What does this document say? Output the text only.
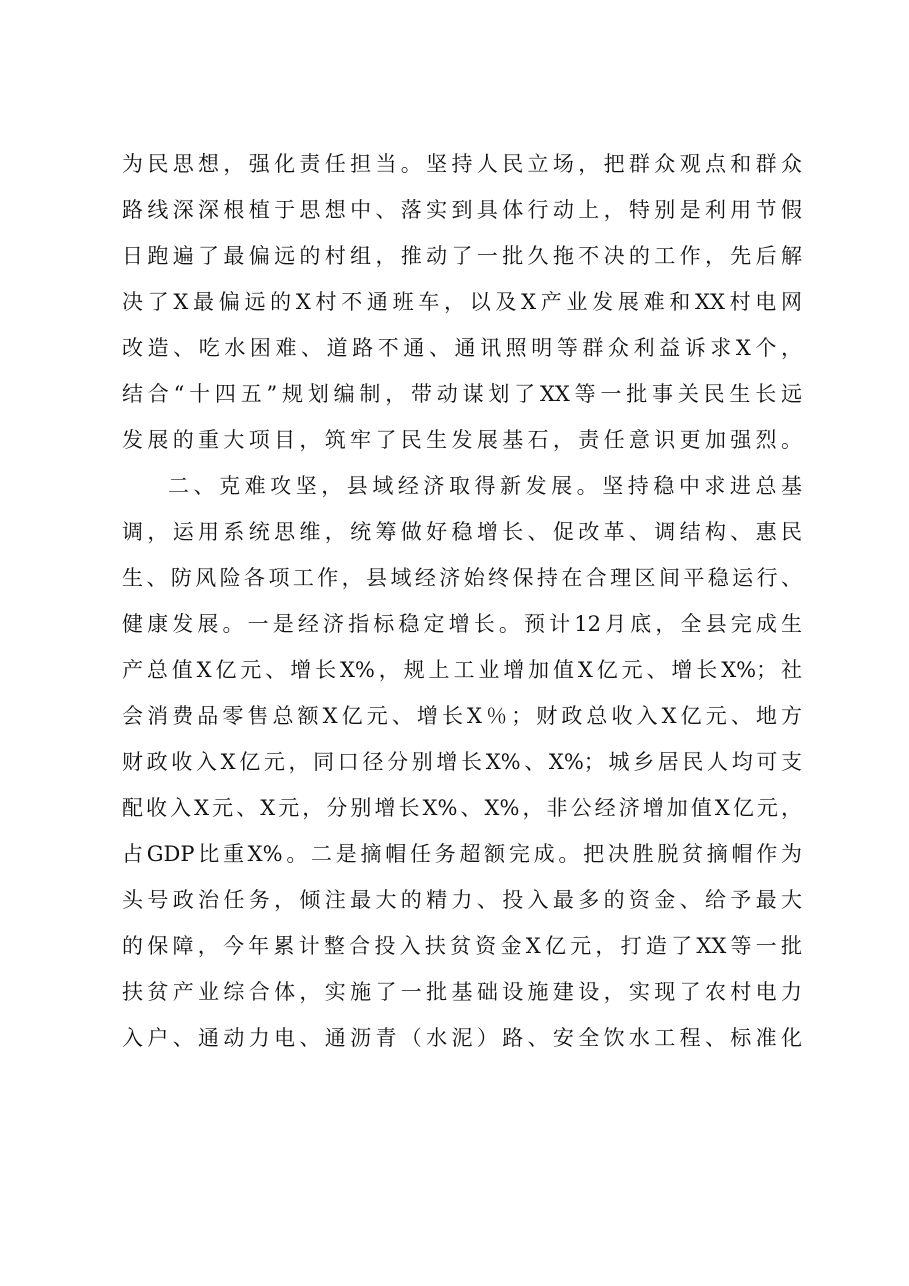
为民思想，强化责任担当。坚持人民立场，把群众观点和群众
路线深深根植于思想中、落实到具体行动上，特别是利用节假
日跑遍了最偏远的村组，推动了一批久拖不决的工作，先后解
决了X最偏远的X村不通班车，以及X产业发展难和XX村电网
改造、吃水困难、道路不通、通讯照明等群众利益诉求X个，
结合“十四五”规划编制，带动谋划了XX等一批事关民生长远
发展的重大项目，筑牢了民生发展基石，责任意识更加强烈。
二、克难攻坚，县域经济取得新发展。坚持稳中求进总基
调，运用系统思维，统筹做好稳增长、促改革、调结构、惠民
生、防风险各项工作，县域经济始终保持在合理区间平稳运行、
健康发展。一是经济指标稳定增长。预计12月底，全县完成生
产总值X亿元、增长X%，规上工业增加值X亿元、增长X%；社
会消费品零售总额X亿元、增长X％；财政总收入X亿元、地方
财政收入X亿元，同口径分别增长X%、X%；城乡居民人均可支
配收入X元、X元，分别增长X%、X%，非公经济增加值X亿元，
占GDP比重X%。二是摘帽任务超额完成。把决胜脱贫摘帽作为
头号政治任务，倾注最大的精力、投入最多的资金、给予最大
的保障，今年累计整合投入扶贫资金X亿元，打造了XX等一批
扶贫产业综合体，实施了一批基础设施建设，实现了农村电力
入户、通动力电、通沥青（水泥）路、安全饮水工程、标准化
